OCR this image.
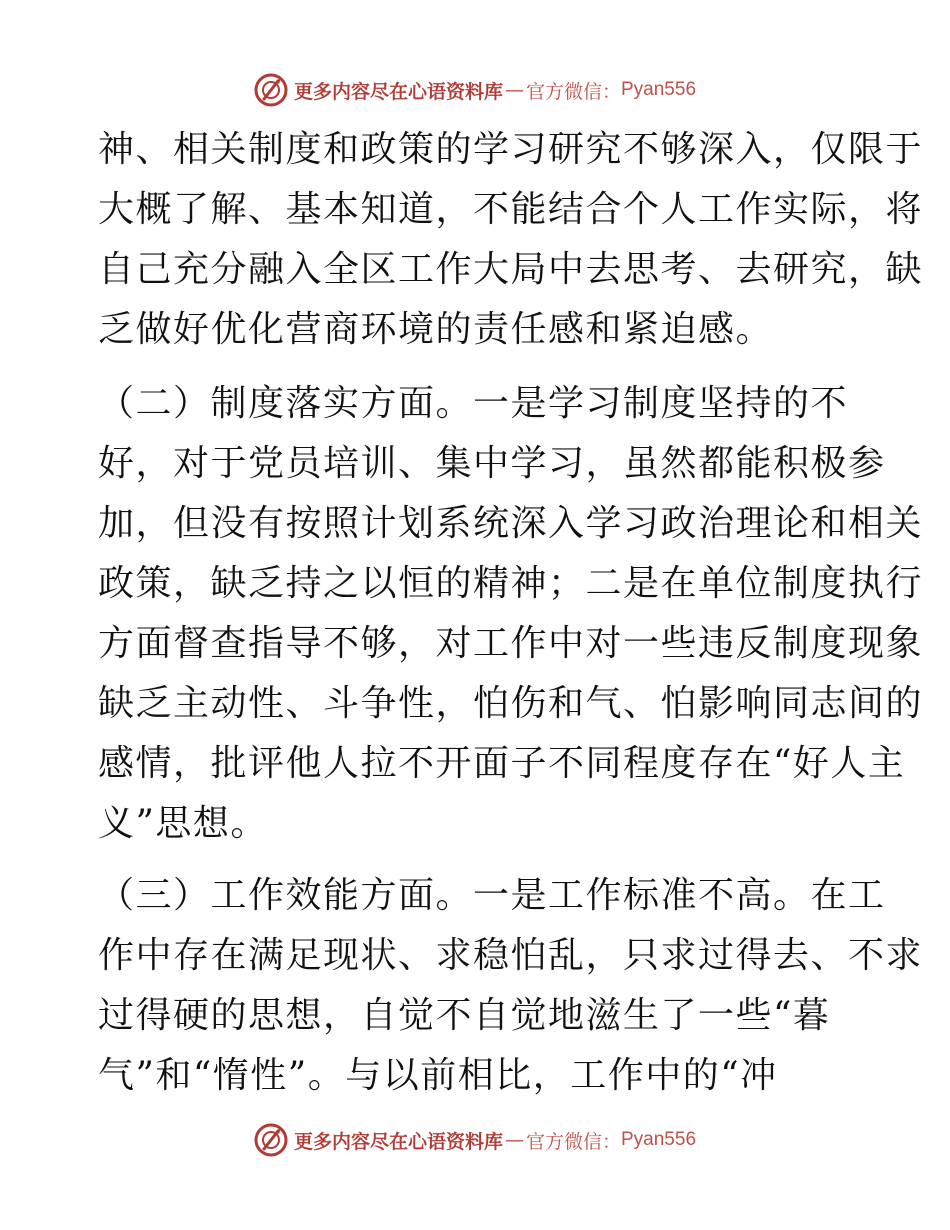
更多内容尽在心语资料库 — 官方微信： Pyan556
神、相关制度和政策的学习研究不够深入，仅限于
大概了解、基本知道，不能结合个人工作实际，将
自己充分融入全区工作大局中去思考、去研究，缺
乏做好优化营商环境的责任感和紧迫感。
（二）制度落实方面。一是学习制度坚持的不
好，对于党员培训、集中学习，虽然都能积极参
加，但没有按照计划系统深入学习政治理论和相关
政策，缺乏持之以恒的精神；二是在单位制度执行
方面督查指导不够，对工作中对一些违反制度现象
缺乏主动性、斗争性，怕伤和气、怕影响同志间的
感情，批评他人拉不开面子不同程度存在“好人主
义”思想。
（三）工作效能方面。一是工作标准不高。在工
作中存在满足现状、求稳怕乱，只求过得去、不求
过得硬的思想，自觉不自觉地滋生了一些“暮
气”和“惰性”。与以前相比，工作中的“冲
更多内容尽在心语资料库 — 官方微信： Pyan556
